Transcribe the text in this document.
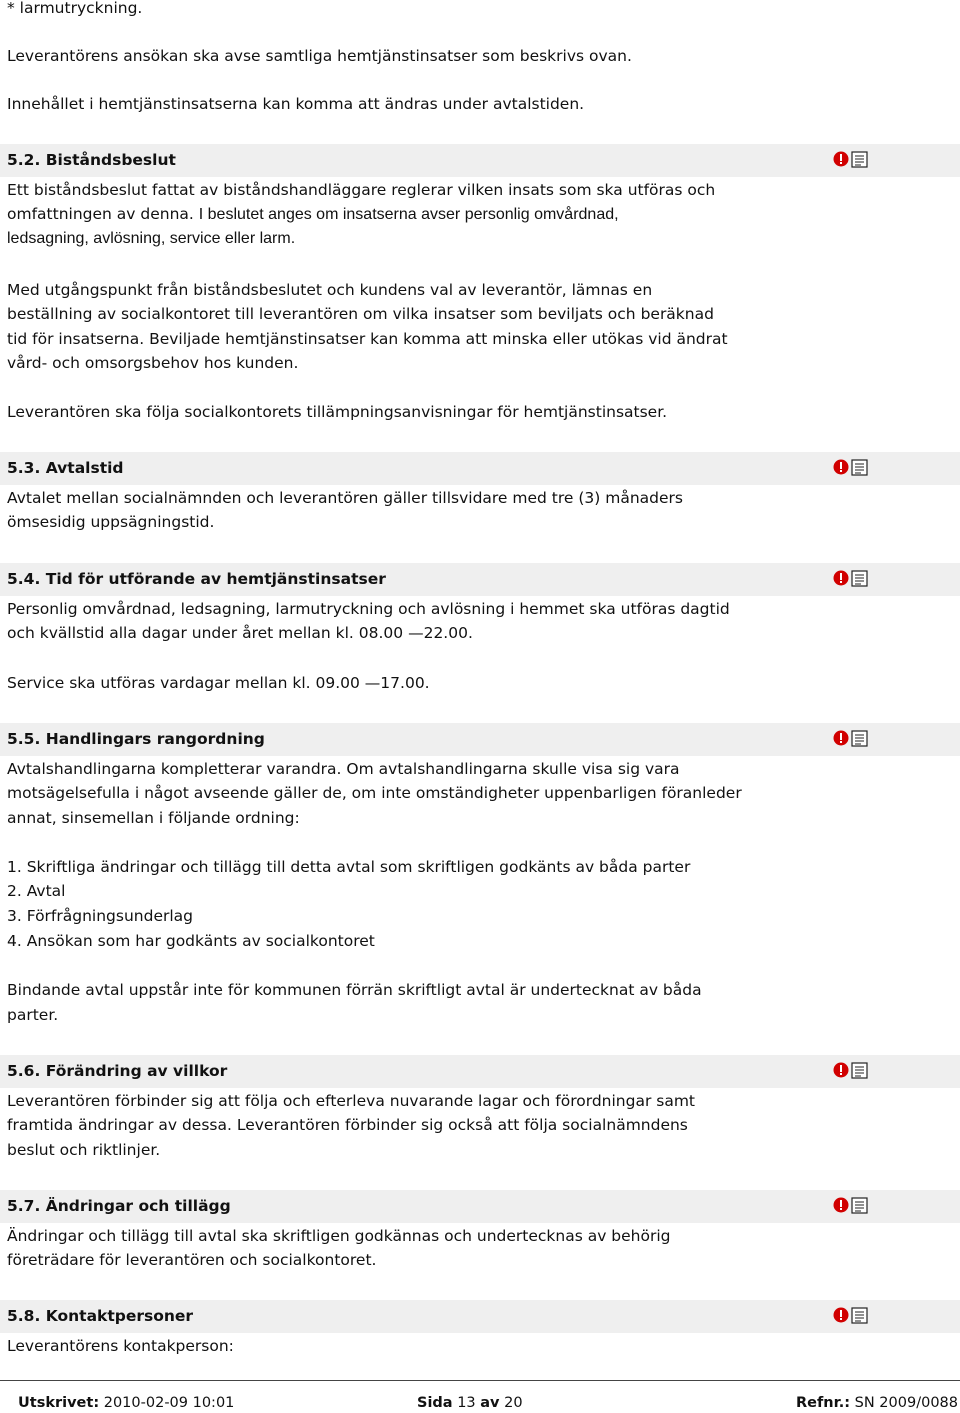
* larmutryckning.

Leverantörens ansökan ska avse samtliga hemtjänstinsatser som beskrivs ovan.

Innehållet i hemtjänstinsatserna kan komma att ändras under avtalstiden.

5.2. Biståndsbeslut

Ett biståndsbeslut fattat av biståndshandläggare reglerar vilken insats som ska utföras och

omfattningen av denna. I beslutet anges om insatserna avser personlig omvårdnad,

ledsagning, avlösning, service eller larm.

Med utgångspunkt från biståndsbeslutet och kundens val av leverantör, lämnas en

beställning av socialkontoret till leverantören om vilka insatser som beviljats och beräknad

tid för insatserna. Beviljade hemtjänstinsatser kan komma att minska eller utökas vid ändrat

vård- och omsorgsbehov hos kunden.

Leverantören ska följa socialkontorets tillämpningsanvisningar för hemtjänstinsatser.

5.3. Avtalstid

Avtalet mellan socialnämnden och leverantören gäller tillsvidare med tre (3) månaders

ömsesidig uppsägningstid.

5.4. Tid för utförande av hemtjänstinsatser

Personlig omvårdnad, ledsagning, larmutryckning och avlösning i hemmet ska utföras dagtid

och kvällstid alla dagar under året mellan kl. 08.00 —22.00.

Service ska utföras vardagar mellan kl. 09.00 —17.00.

5.5. Handlingars rangordning

Avtalshandlingarna kompletterar varandra. Om avtalshandlingarna skulle visa sig vara

motsägelsefulla i något avseende gäller de, om inte omständigheter uppenbarligen föranleder

annat, sinsemellan i följande ordning:

1. Skriftliga ändringar och tillägg till detta avtal som skriftligen godkänts av båda parter

2. Avtal

3. Förfrågningsunderlag

4. Ansökan som har godkänts av socialkontoret

Bindande avtal uppstår inte för kommunen förrän skriftligt avtal är undertecknat av båda

parter.

5.6. Förändring av villkor

Leverantören förbinder sig att följa och efterleva nuvarande lagar och förordningar samt

framtida ändringar av dessa. Leverantören förbinder sig också att följa socialnämndens

beslut och riktlinjer.

5.7. Ändringar och tillägg

Ändringar och tillägg till avtal ska skriftligen godkännas och undertecknas av behörig

företrädare för leverantören och socialkontoret.

5.8. Kontaktpersoner

Leverantörens kontakperson:

Utskrivet: 2010-02-09 10:01	Sida 13 av 20	Refnr.: SN 2009/0088
